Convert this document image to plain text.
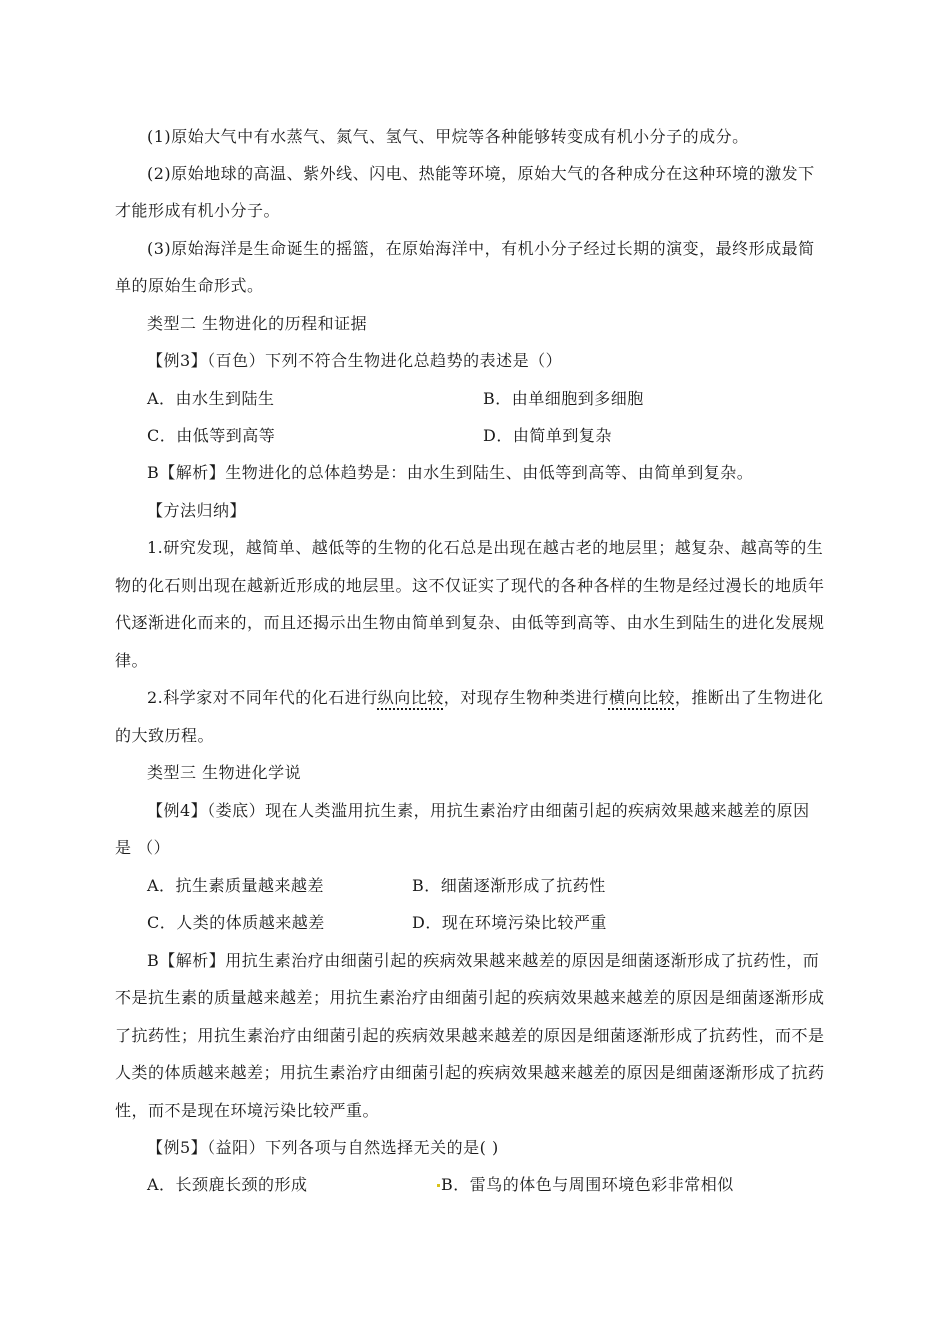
(1)原始大气中有水蒸气、氮气、氢气、甲烷等各种能够转变成有机小分子的成分。
(2)原始地球的高温、紫外线、闪电、热能等环境，原始大气的各种成分在这种环境的激发下
才能形成有机小分子。
(3)原始海洋是生命诞生的摇篮，在原始海洋中，有机小分子经过长期的演变，最终形成最简
单的原始生命形式。
类型二 生物进化的历程和证据
【例3】（百色）下列不符合生物进化总趋势的表述是（）
A．由水生到陆生	B．由单细胞到多细胞
C．由低等到高等	D．由简单到复杂
B【解析】生物进化的总体趋势是：由水生到陆生、由低等到高等、由简单到复杂。
【方法归纳】
1.研究发现，越简单、越低等的生物的化石总是出现在越古老的地层里；越复杂、越高等的生
物的化石则出现在越新近形成的地层里。这不仅证实了现代的各种各样的生物是经过漫长的地质年
代逐渐进化而来的，而且还揭示出生物由简单到复杂、由低等到高等、由水生到陆生的进化发展规
律。
2.科学家对不同年代的化石进行纵向比较，对现存生物种类进行横向比较，推断出了生物进化
的大致历程。
类型三 生物进化学说
【例4】（娄底）现在人类滥用抗生素，用抗生素治疗由细菌引起的疾病效果越来越差的原因
是 （）
A．抗生素质量越来越差	B．细菌逐渐形成了抗药性
C．人类的体质越来越差	D．现在环境污染比较严重
B【解析】用抗生素治疗由细菌引起的疾病效果越来越差的原因是细菌逐渐形成了抗药性，而
不是抗生素的质量越来越差；用抗生素治疗由细菌引起的疾病效果越来越差的原因是细菌逐渐形成
了抗药性；用抗生素治疗由细菌引起的疾病效果越来越差的原因是细菌逐渐形成了抗药性，而不是
人类的体质越来越差；用抗生素治疗由细菌引起的疾病效果越来越差的原因是细菌逐渐形成了抗药
性，而不是现在环境污染比较严重。
【例5】（益阳）下列各项与自然选择无关的是( )
A．长颈鹿长颈的形成	B．雷鸟的体色与周围环境色彩非常相似
